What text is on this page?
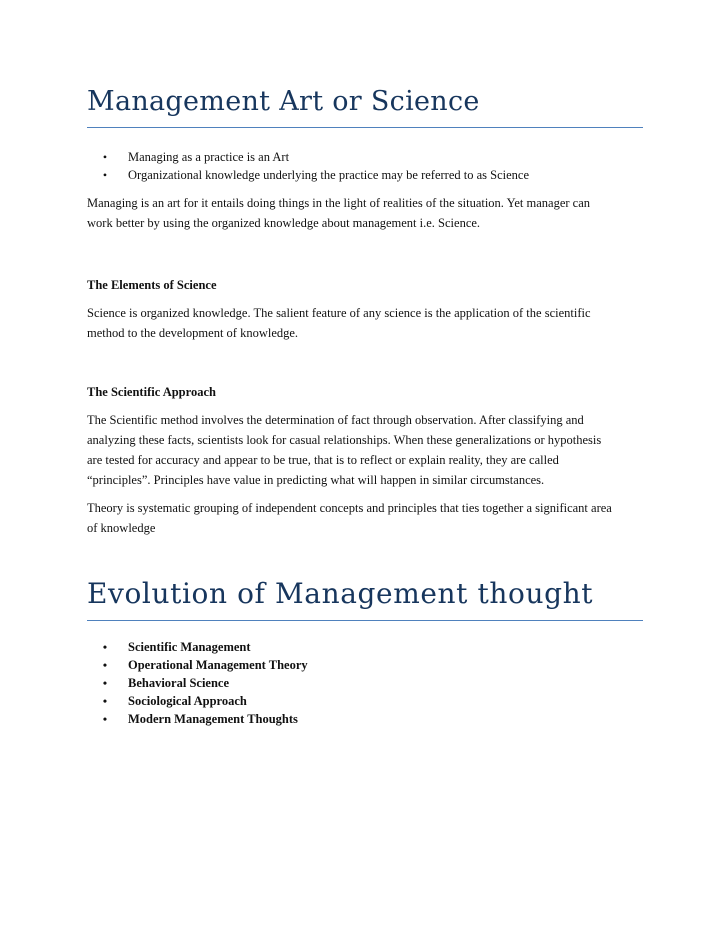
Management Art or Science
• Managing as a practice is an Art
• Organizational knowledge underlying the practice may be referred to as Science

Managing is an art for it entails doing things in the light of realities of the situation. Yet manager can
work better by using the organized knowledge about management i.e. Science.

The Elements of Science

Science is organized knowledge. The salient feature of any science is the application of the scientific
method to the development of knowledge.

The Scientific Approach

The Scientific method involves the determination of fact through observation. After classifying and
analyzing these facts, scientists look for casual relationships. When these generalizations or hypothesis
are tested for accuracy and appear to be true, that is to reflect or explain reality, they are called
“principles”. Principles have value in predicting what will happen in similar circumstances.

Theory is systematic grouping of independent concepts and principles that ties together a significant area
of knowledge

Evolution of Management thought
• Scientific Management
• Operational Management Theory
• Behavioral Science
• Sociological Approach
• Modern Management Thoughts
